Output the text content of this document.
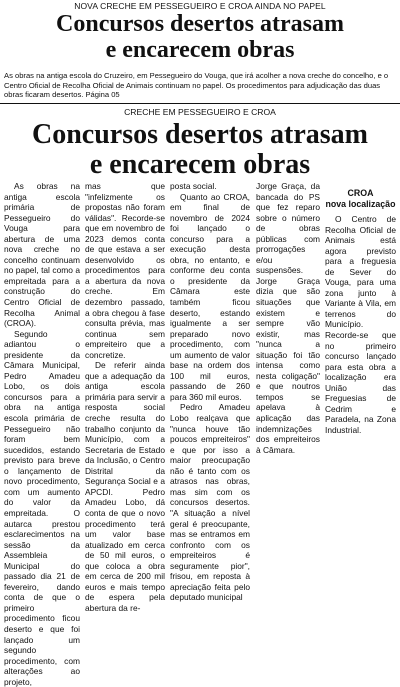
NOVA CRECHE EM PESSEGUEIRO E CROA AINDA NO PAPEL
Concursos desertos atrasam
e encarecem obras
As obras na antiga escola do Cruzeiro, em Pessegueiro do Vouga, que irá acolher a nova creche do concelho, e o Centro Oficial de Recolha Oficial de Animais continuam no papel. Os procedimentos para adjudicação das duas obras ficaram desertos. Página 05
CRECHE EM PESSEGUEIRO E CROA
Concursos desertos atrasam
e encarecem obras

As obras na antiga escola primária de Pessegueiro do Vouga para abertura de uma nova creche no concelho continuam no papel, tal como a empreitada para a construção do Centro Oficial de Recolha Animal (CROA).

Segundo adiantou o presidente da Câmara Municipal, Pedro Amadeu Lobo, os dois concursos para a obra na antiga escola primária de Pessegueiro não foram bem sucedidos, estando previsto para breve o lançamento de novo procedimento, com um aumento do valor da empreitada. O autarca prestou esclarecimentos na sessão da Assembleia Municipal do passado dia 21 de fevereiro, dando conta de que o primeiro procedimento ficou deserto e que foi lançado um segundo procedimento, com alterações ao projeto,

mas que "infelizmente os propostas não foram válidas". Recorde-se que em novembro de 2023 demos conta de que estava a ser desenvolvido os procedimentos para a abertura da nova creche. Em dezembro passado, a obra chegou à fase consulta prévia, mas continua sem empreiteiro que a concretize.

De referir ainda que a adequação da antiga escola primária para servir a resposta social creche resulta do trabalho conjunto da Município, com a Secretaria de Estado da Inclusão, o Centro Distrital da Segurança Social e a APCDI. Pedro Amadeu Lobo, dá conta de que o novo procedimento terá um valor base atualizado em cerca de 50 mil euros, o que coloca a obra em cerca de 200 mil euros e mais tempo de espera pela abertura da re-

posta social.

Quanto ao CROA, em final de novembro de 2024 foi lançado o concurso para a execução desta obra, no entanto, e conforme deu conta o presidente da Câmara este também ficou deserto, estando igualmente a ser preparado novo procedimento, com um aumento de valor base na ordem dos 100 mil euros, passando de 260 para 360 mil euros.

Pedro Amadeu Lobo realçava que "nunca houve tão poucos empreiteiros" e que por isso a maior preocupação não é tanto com os atrasos nas obras, mas sim com os concursos desertos. "A situação a nível geral é preocupante, mas se entramos em confronto com os empreiteiros é seguramente pior", frisou, em reposta à apreciação feita pelo deputado municipal

Jorge Graça, da bancada do PS que fez reparo sobre o número de obras públicas com prorrogações e/ou suspensões. Jorge Graça dizia que são situações que existem e sempre vão existir, mas "nunca a situação foi tão intensa como nesta coligação" e que noutros tempos se apelava à aplicação das indemnizações dos empreiteiros à Câmara.

CROA
nova localização

O Centro de Recolha Oficial de Animais está agora previsto para a freguesia de Sever do Vouga, para uma zona junto à Variante à Vila, em terrenos do Município. Recorde-se que no primeiro concurso lançado para esta obra a localização era União das Freguesias de Cedrim e Paradela, na Zona Industrial.
